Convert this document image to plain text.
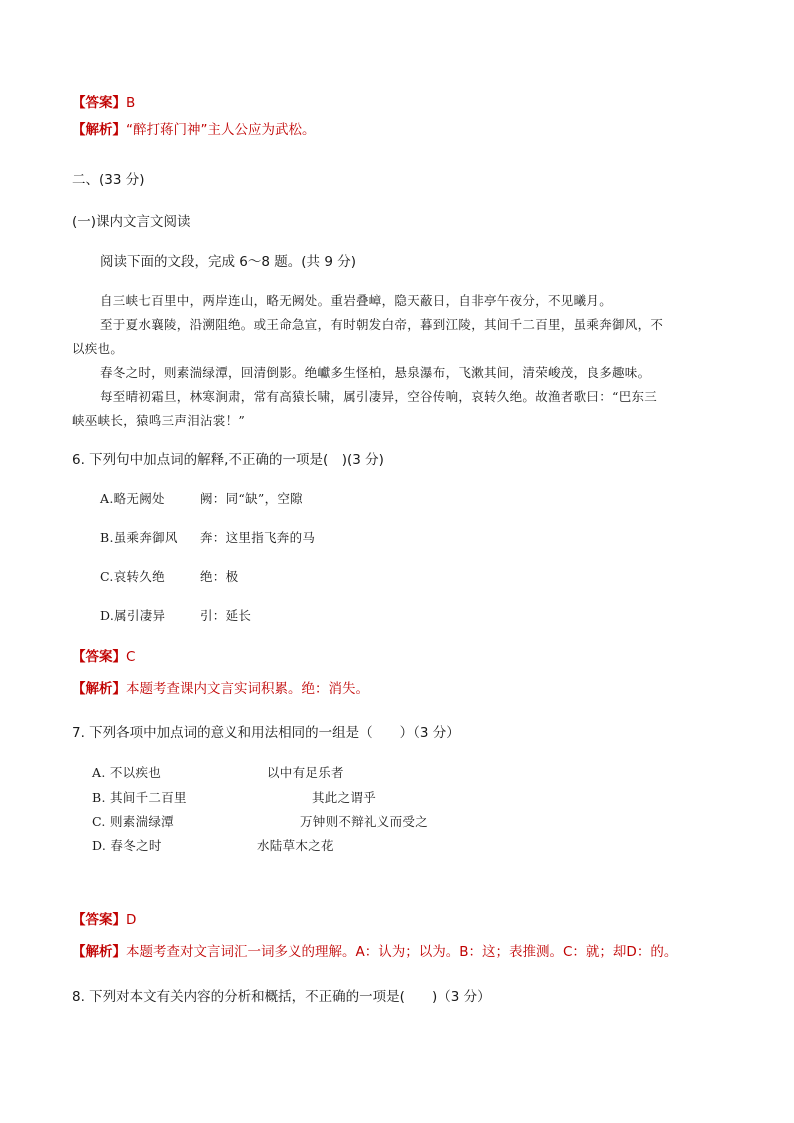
【答案】B
【解析】“醉打蒋门神”主人公应为武松。
二、(33 分)
(一)课内文言文阅读
阅读下面的文段，完成 6～8 题。(共 9 分)
自三峡七百里中，两岸连山，略无阙处。重岩叠嶂，隐天蔽日，自非亭午夜分，不见曦月。
至于夏水襄陵，沿溯阻绝。或王命急宣，有时朝发白帝，暮到江陵，其间千二百里，虽乘奔御风，不
以疾也。
春冬之时，则素湍绿潭，回清倒影。绝巘多生怪柏，悬泉瀑布，飞漱其间，清荣峻茂，良多趣味。
每至晴初霜旦，林寒涧肃，常有高猿长啸，属引凄异，空谷传响，哀转久绝。故渔者歌曰：“巴东三
峡巫峡长，猿鸣三声泪沾裳！”
6. 下列句中加点词的解释,不正确的一项是(　)(3 分)
A.略无阙处	阙：同“缺”，空隙
B.虽乘奔御风 奔：这里指飞奔的马
C.哀转久绝	绝：极
D.属引凄异	引：延长
【答案】C
【解析】本题考查课内文言实词积累。绝：消失。
7. 下列各项中加点词的意义和用法相同的一组是（　　）（3 分）
A. 不以疾也	以中有足乐者
B. 其间千二百里	其此之谓乎
C. 则素湍绿潭	万钟则不辩礼义而受之
D. 春冬之时	水陆草木之花
【答案】D
【解析】本题考查对文言词汇一词多义的理解。A：认为；以为。B：这；表推测。C：就；却D：的。
8. 下列对本文有关内容的分析和概括，不正确的一项是(　　)（3 分）
